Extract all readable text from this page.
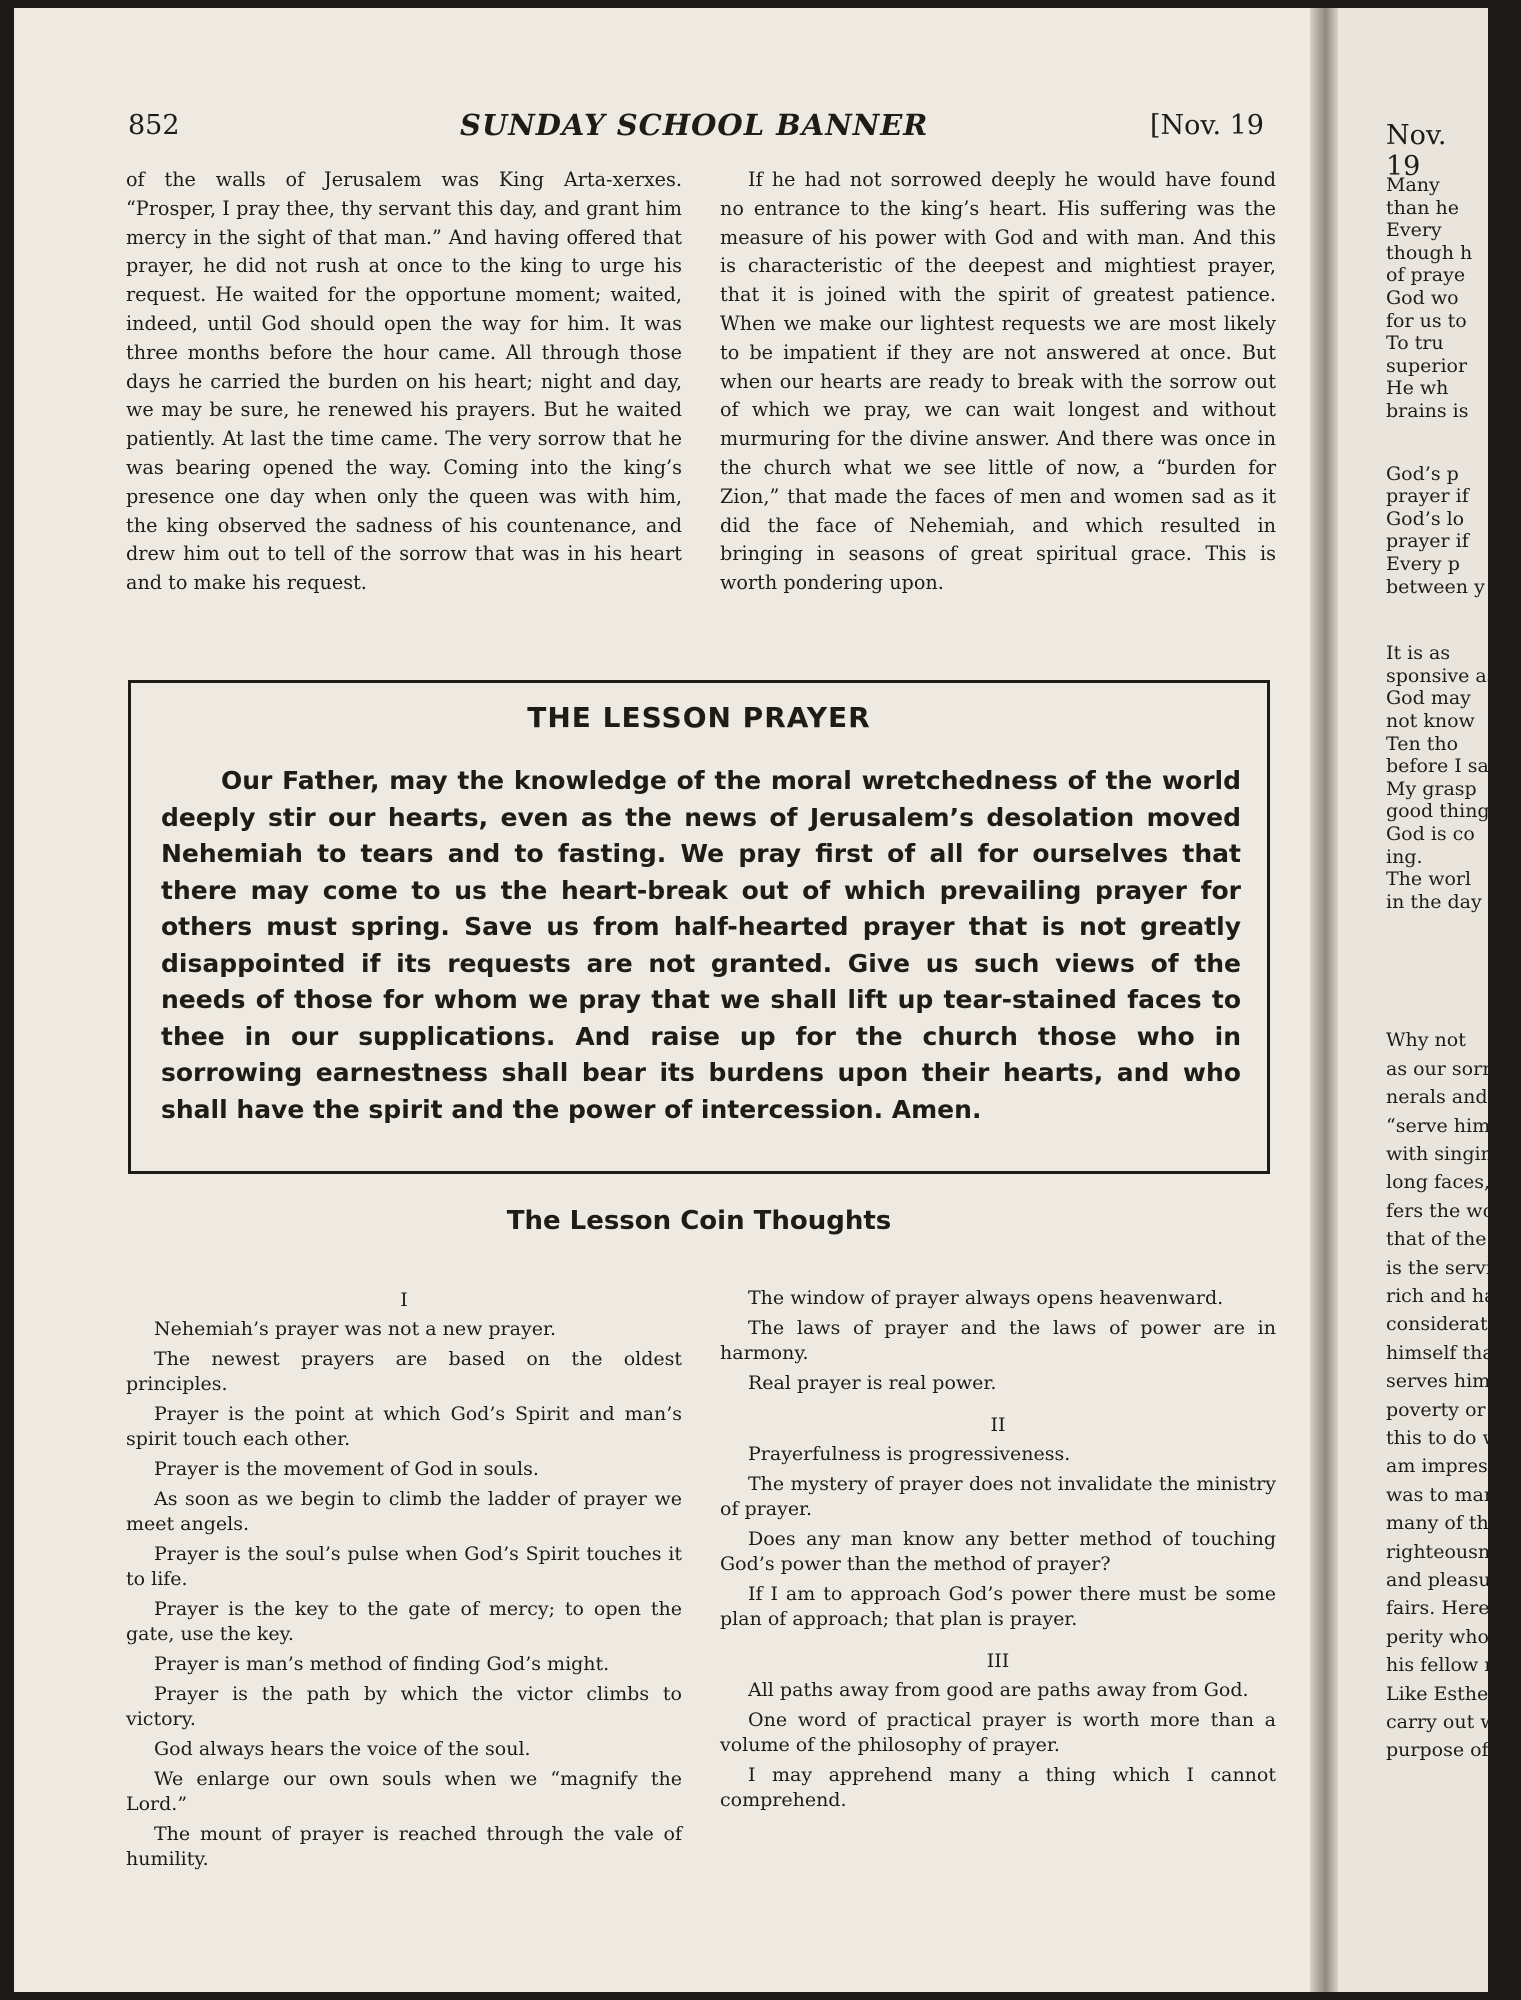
Nov. 19
Many
than he
Every
though h
of praye
God wo
for us to
To tru
superior
He wh
brains is
God’s p
prayer if
God’s lo
prayer if
Every p
between y
It is as
sponsive as
God may
not know
Ten tho
before I sa
My grasp
good things
God is co
ing.
The worl
in the day
Why not
as our sorr
nerals and
“serve him
with singing
long faces,
fers the wor
that of the
is the servic
rich and ha
consideration
himself that
serves him w
poverty or ab
this to do wi
am impressed
was to many
many of them
righteousness
and pleasure
fairs. Here i
perity who ca
his fellow me
Like Esther,
carry out wh
purpose of Go
852	SUNDAY SCHOOL BANNER	[Nov. 19

of the walls of Jerusalem was King Arta-xerxes. “Prosper, I pray thee, thy servant this day, and grant him mercy in the sight of that man.” And having offered that prayer, he did not rush at once to the king to urge his request. He waited for the opportune moment; waited, indeed, until God should open the way for him. It was three months before the hour came. All through those days he carried the burden on his heart; night and day, we may be sure, he renewed his prayers. But he waited patiently. At last the time came. The very sorrow that he was bearing opened the way. Coming into the king’s presence one day when only the queen was with him, the king observed the sadness of his countenance, and drew him out to tell of the sorrow that was in his heart and to make his request.

If he had not sorrowed deeply he would have found no entrance to the king’s heart. His suffering was the measure of his power with God and with man. And this is characteristic of the deepest and mightiest prayer, that it is joined with the spirit of greatest patience. When we make our lightest requests we are most likely to be impatient if they are not answered at once. But when our hearts are ready to break with the sorrow out of which we pray, we can wait longest and without murmuring for the divine answer. And there was once in the church what we see little of now, a “burden for Zion,” that made the faces of men and women sad as it did the face of Nehemiah, and which resulted in bringing in seasons of great spiritual grace. This is worth pondering upon.

THE LESSON PRAYER

Our Father, may the knowledge of the moral wretchedness of the world deeply stir our hearts, even as the news of Jerusalem’s desolation moved Nehemiah to tears and to fasting. We pray first of all for ourselves that there may come to us the heart-break out of which prevailing prayer for others must spring. Save us from half-hearted prayer that is not greatly disappointed if its requests are not granted. Give us such views of the needs of those for whom we pray that we shall lift up tear-stained faces to thee in our supplications. And raise up for the church those who in sorrowing earnestness shall bear its burdens upon their hearts, and who shall have the spirit and the power of intercession. Amen.

The Lesson Coin Thoughts

I

Nehemiah’s prayer was not a new prayer.

The newest prayers are based on the oldest principles.

Prayer is the point at which God’s Spirit and man’s spirit touch each other.

Prayer is the movement of God in souls.

As soon as we begin to climb the ladder of prayer we meet angels.

Prayer is the soul’s pulse when God’s Spirit touches it to life.

Prayer is the key to the gate of mercy; to open the gate, use the key.

Prayer is man’s method of finding God’s might.

Prayer is the path by which the victor climbs to victory.

God always hears the voice of the soul.

We enlarge our own souls when we “magnify the Lord.”

The mount of prayer is reached through the vale of humility.

The window of prayer always opens heavenward.

The laws of prayer and the laws of power are in harmony.

Real prayer is real power.

II

Prayerfulness is progressiveness.

The mystery of prayer does not invalidate the ministry of prayer.

Does any man know any better method of touching God’s power than the method of prayer?

If I am to approach God’s power there must be some plan of approach; that plan is prayer.

III

All paths away from good are paths away from God.

One word of practical prayer is worth more than a volume of the philosophy of prayer.

I may apprehend many a thing which I cannot comprehend.
